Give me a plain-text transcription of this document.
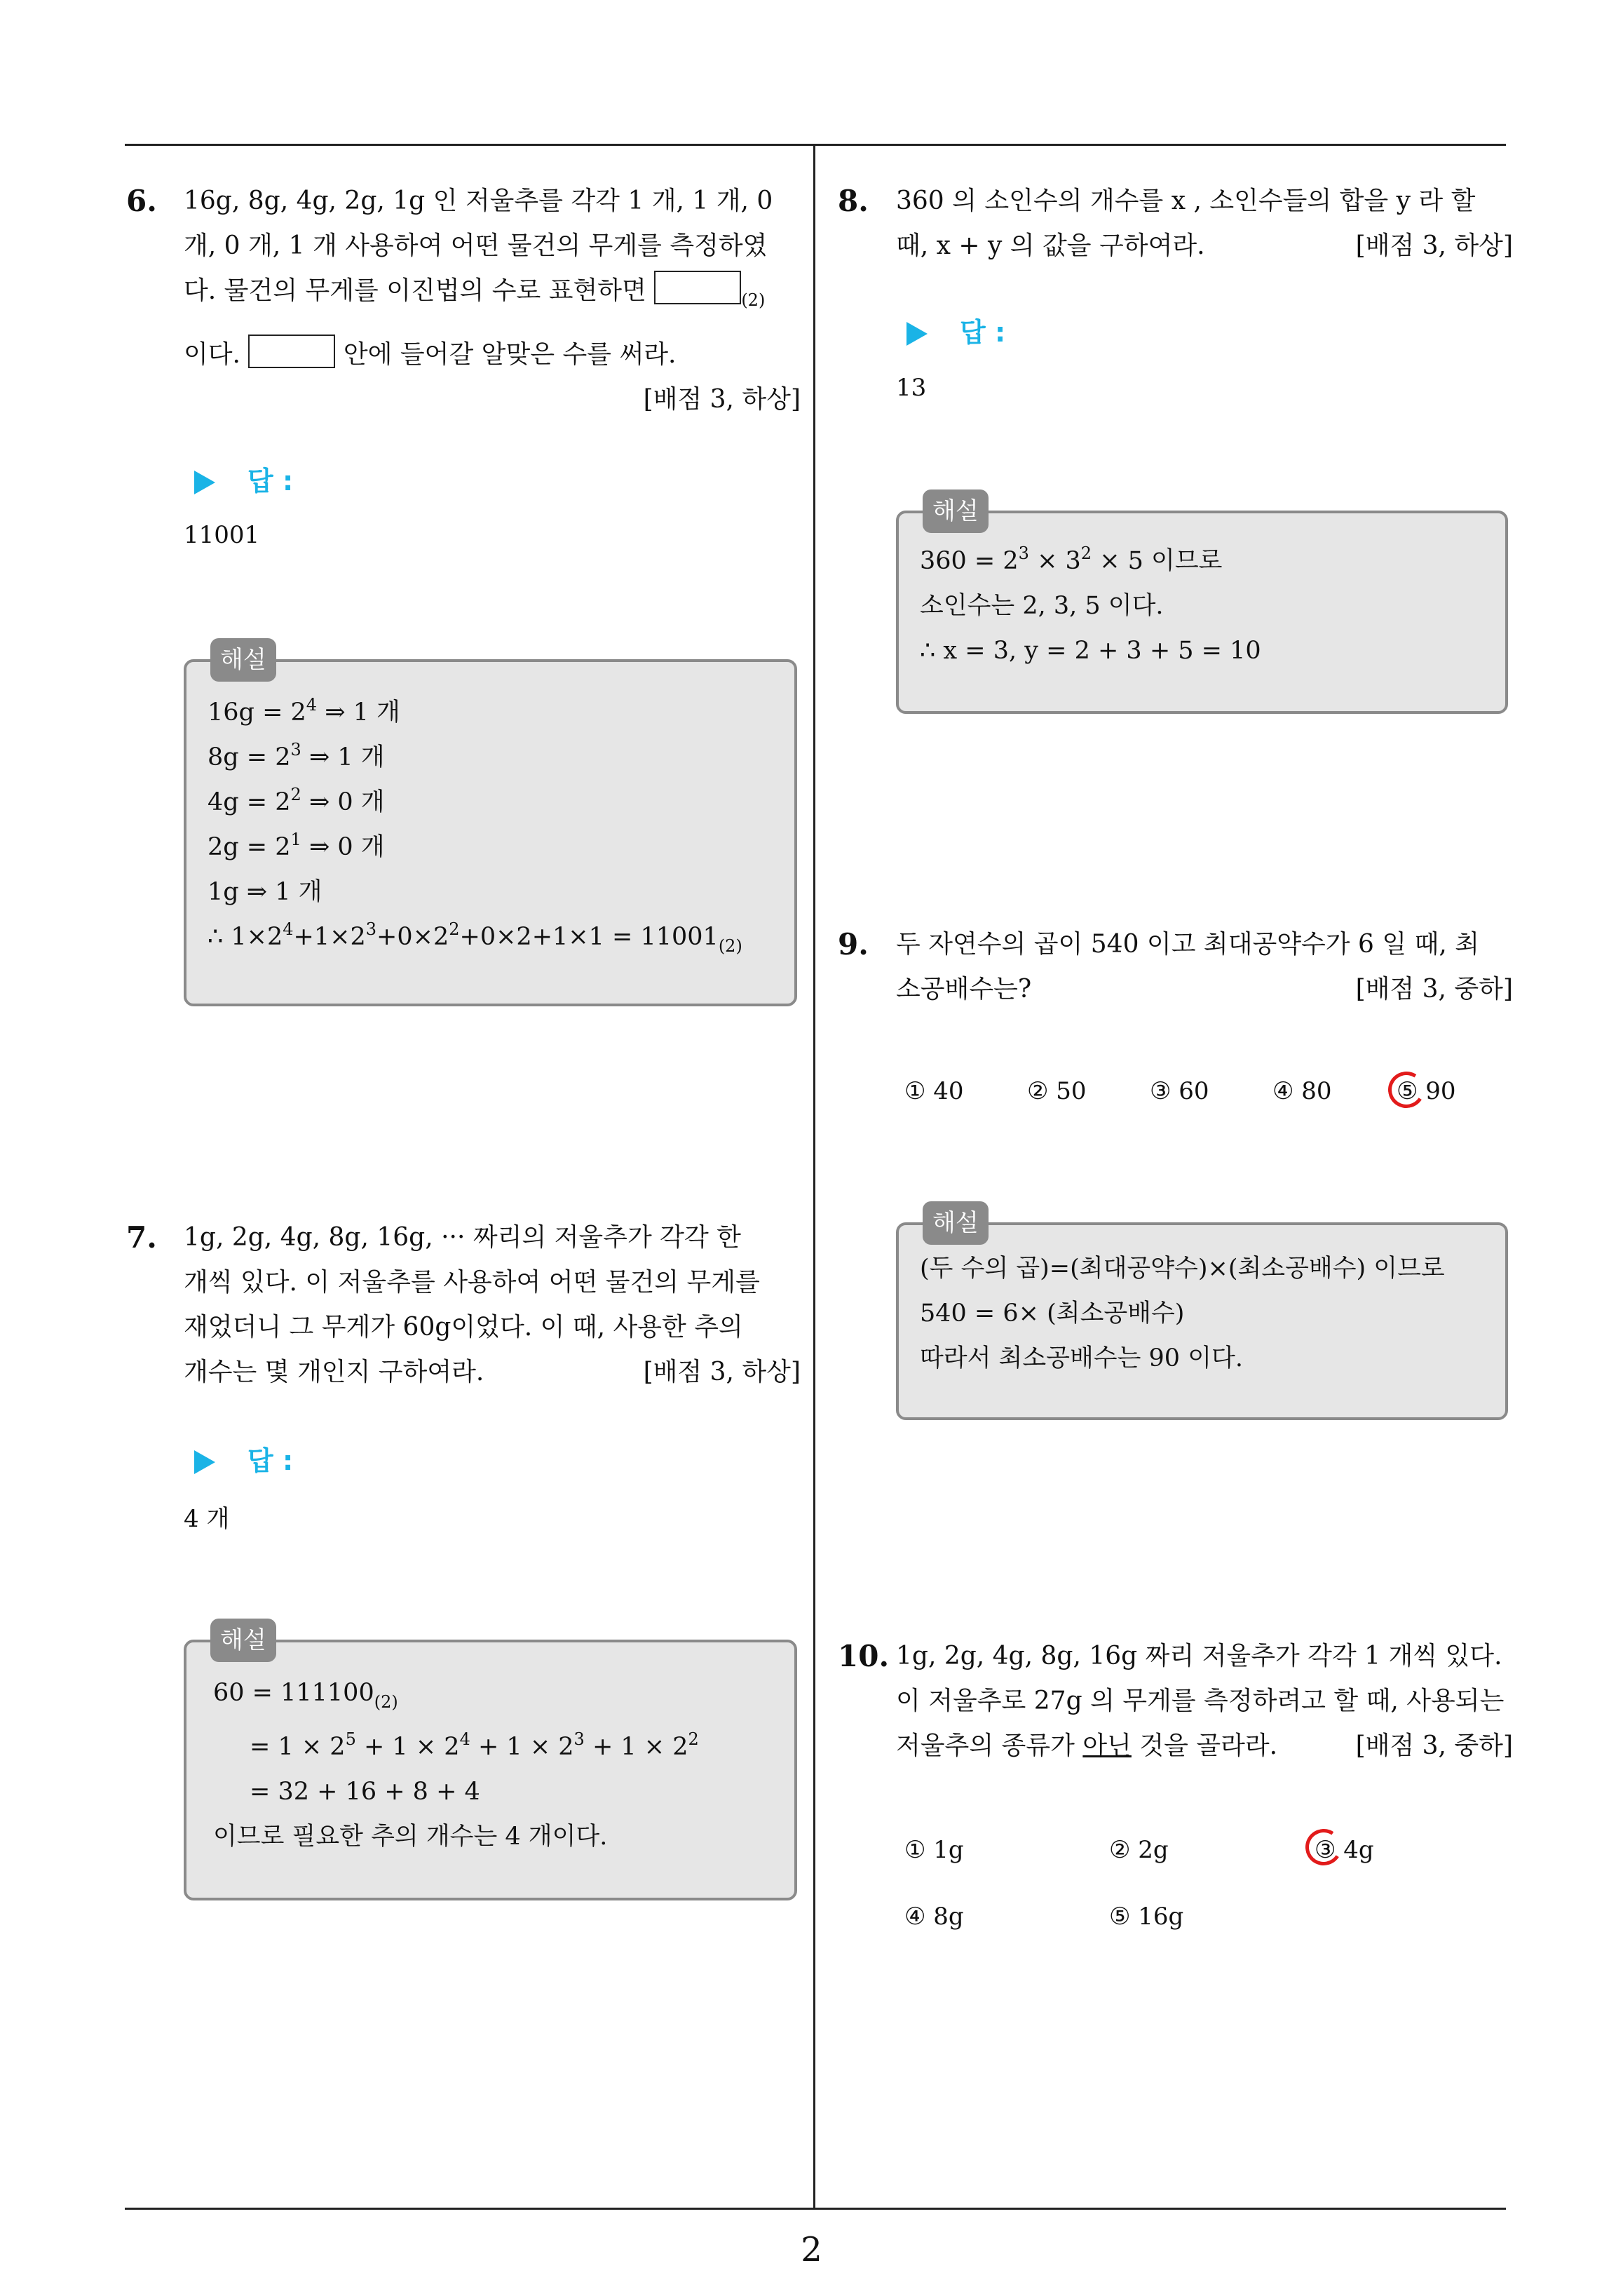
6. 16g, 8g, 4g, 2g, 1g 인 저울추를 각각 1 개, 1 개, 0
개, 0 개, 1 개 사용하여 어떤 물건의 무게를 측정하였
다. 물건의 무게를 이진법의 수로 표현하면	$_{(2)}$
이다.	안에 들어갈 알맞은 수를 써라.
[배점 3, 하상]
답 :
11001
해설
$16g = 2^4$ ⇒ 1 개
$8g = 2^3$ ⇒ 1 개
$4g = 2^2$ ⇒ 0 개
$2g = 2^1$ ⇒ 0 개
1g ⇒ 1 개
∴ $1\times 2^4+1\times 2^3+0\times 2^2+0\times 2+1\times 1 = 11001_{(2)}$
7. 1g, 2g, 4g, 8g, 16g, ··· 짜리의 저울추가 각각 한
개씩 있다. 이 저울추를 사용하여 어떤 물건의 무게를
재었더니 그 무게가 60g이었다. 이 때, 사용한 추의
개수는 몇 개인지 구하여라.	[배점 3, 하상]
답 :
4 개
해설
$60 = 111100_{(2)}$
= $1 \times 2^5 + 1 \times 2^4 + 1 \times 2^3 + 1 \times 2^2$
= 32 + 16 + 8 + 4
이므로 필요한 추의 개수는 4 개이다.
8. 360 의 소인수의 개수를 x , 소인수들의 합을 y 라 할
때, x + y 의 값을 구하여라.	[배점 3, 하상]
답 :
13
해설
$360 = 2^3 \times 3^2 \times 5$ 이므로
소인수는 2, 3, 5 이다.
∴ x = 3, y = 2 + 3 + 5 = 10
9. 두 자연수의 곱이 540 이고 최대공약수가 6 일 때, 최
소공배수는?	[배점 3, 중하]
① 40	② 50	③ 60	④ 80	⑤ 90
해설
(두 수의 곱)=(최대공약수)×(최소공배수) 이므로
540 = 6× (최소공배수)
따라서 최소공배수는 90 이다.
10. 1g, 2g, 4g, 8g, 16g 짜리 저울추가 각각 1 개씩 있다.
이 저울추로 27g 의 무게를 측정하려고 할 때, 사용되는
저울추의 종류가 아닌 것을 골라라.	[배점 3, 중하]
① 1g	② 2g	③ 4g
④ 8g	⑤ 16g
2
